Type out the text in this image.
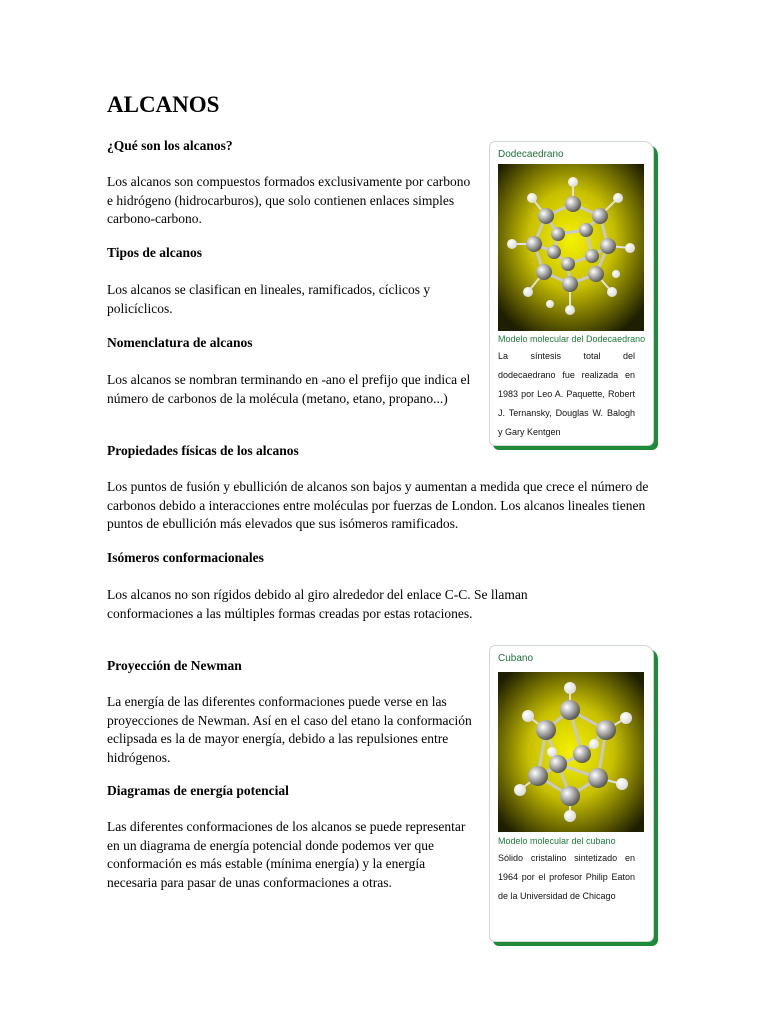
ALCANOS
¿Qué son los alcanos?

Los alcanos son compuestos formados exclusivamente por carbono e hidrógeno (hidrocarburos), que solo contienen enlaces simples carbono-carbono.

Tipos de alcanos

Los alcanos se clasifican en lineales, ramificados, cíclicos y policíclicos.

Nomenclatura de alcanos

Los alcanos se nombran terminando en -ano el prefijo que indica el número de carbonos de la molécula (metano, etano, propano...)

Propiedades físicas de los alcanos

Los puntos de fusión y ebullición de alcanos son bajos y aumentan a medida que crece el número de carbonos debido a interacciones entre moléculas por fuerzas de London. Los alcanos lineales tienen puntos de ebullición más elevados que sus isómeros ramificados.

Isómeros conformacionales

Los alcanos no son rígidos debido al giro alrededor del enlace C-C. Se llaman conformaciones a las múltiples formas creadas por estas rotaciones.

Proyección de Newman

La energía de las diferentes conformaciones puede verse en las proyecciones de Newman. Así en el caso del etano la conformación eclipsada es la de mayor energía, debido a las repulsiones entre hidrógenos.

Diagramas de energía potencial

Las diferentes conformaciones de los alcanos se puede representar en un diagrama de energía potencial donde podemos ver que conformación es más estable (mínima energía) y la energía necesaria para pasar de unas conformaciones a otras.

Dodecaedrano
Modelo molecular del Dodecaedrano
La síntesis total del dodecaedrano fue realizada en 1983 por Leo A. Paquette, Robert J. Ternansky, Douglas W. Balogh y Gary Kentgen
Cubano
Modelo molecular del cubano
Sólido cristalino sintetizado en 1964 por el profesor Philip Eaton de la Universidad de Chicago
